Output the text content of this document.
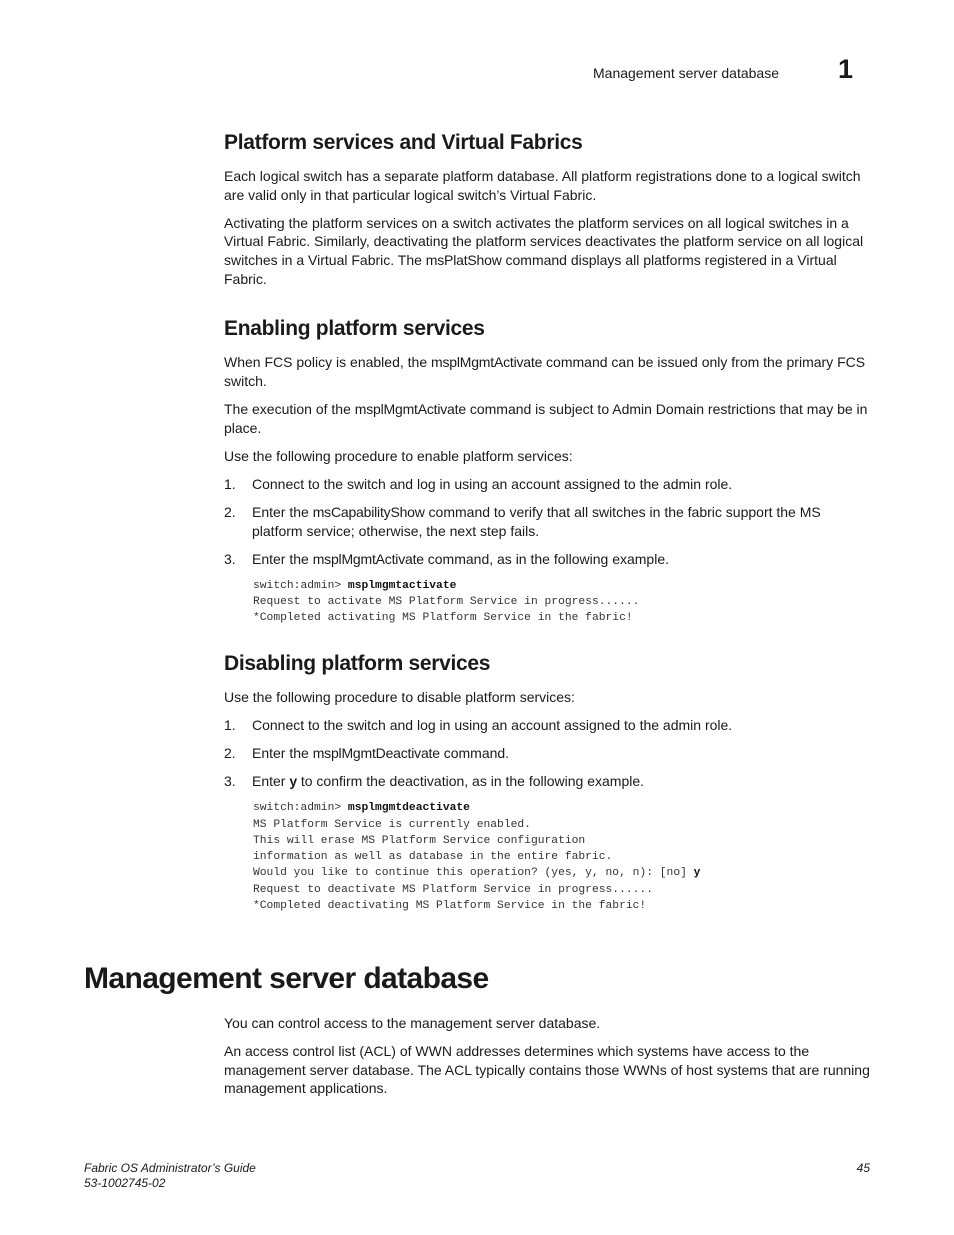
Management server database 1
Platform services and Virtual Fabrics

Each logical switch has a separate platform database. All platform registrations done to a logical switch are valid only in that particular logical switch’s Virtual Fabric.

Activating the platform services on a switch activates the platform services on all logical switches in a Virtual Fabric. Similarly, deactivating the platform services deactivates the platform service on all logical switches in a Virtual Fabric. The msPlatShow command displays all platforms registered in a Virtual Fabric.

Enabling platform services

When FCS policy is enabled, the msplMgmtActivate command can be issued only from the primary FCS switch.

The execution of the msplMgmtActivate command is subject to Admin Domain restrictions that may be in place.

Use the following procedure to enable platform services:

1. Connect to the switch and log in using an account assigned to the admin role.
2. Enter the msCapabilityShow command to verify that all switches in the fabric support the MS platform service; otherwise, the next step fails.
3. Enter the msplMgmtActivate command, as in the following example.
switch:admin> msplmgmtactivate
Request to activate MS Platform Service in progress......
*Completed activating MS Platform Service in the fabric!
Disabling platform services

Use the following procedure to disable platform services:

1. Connect to the switch and log in using an account assigned to the admin role.
2. Enter the msplMgmtDeactivate command.
3. Enter y to confirm the deactivation, as in the following example.
switch:admin> msplmgmtdeactivate
MS Platform Service is currently enabled.
This will erase MS Platform Service configuration
information as well as database in the entire fabric.
Would you like to continue this operation? (yes, y, no, n): [no] y
Request to deactivate MS Platform Service in progress......
*Completed deactivating MS Platform Service in the fabric!
Management server database

You can control access to the management server database.

An access control list (ACL) of WWN addresses determines which systems have access to the management server database. The ACL typically contains those WWNs of host systems that are running management applications.

Fabric OS Administrator’s Guide
53-1002745-02
45
